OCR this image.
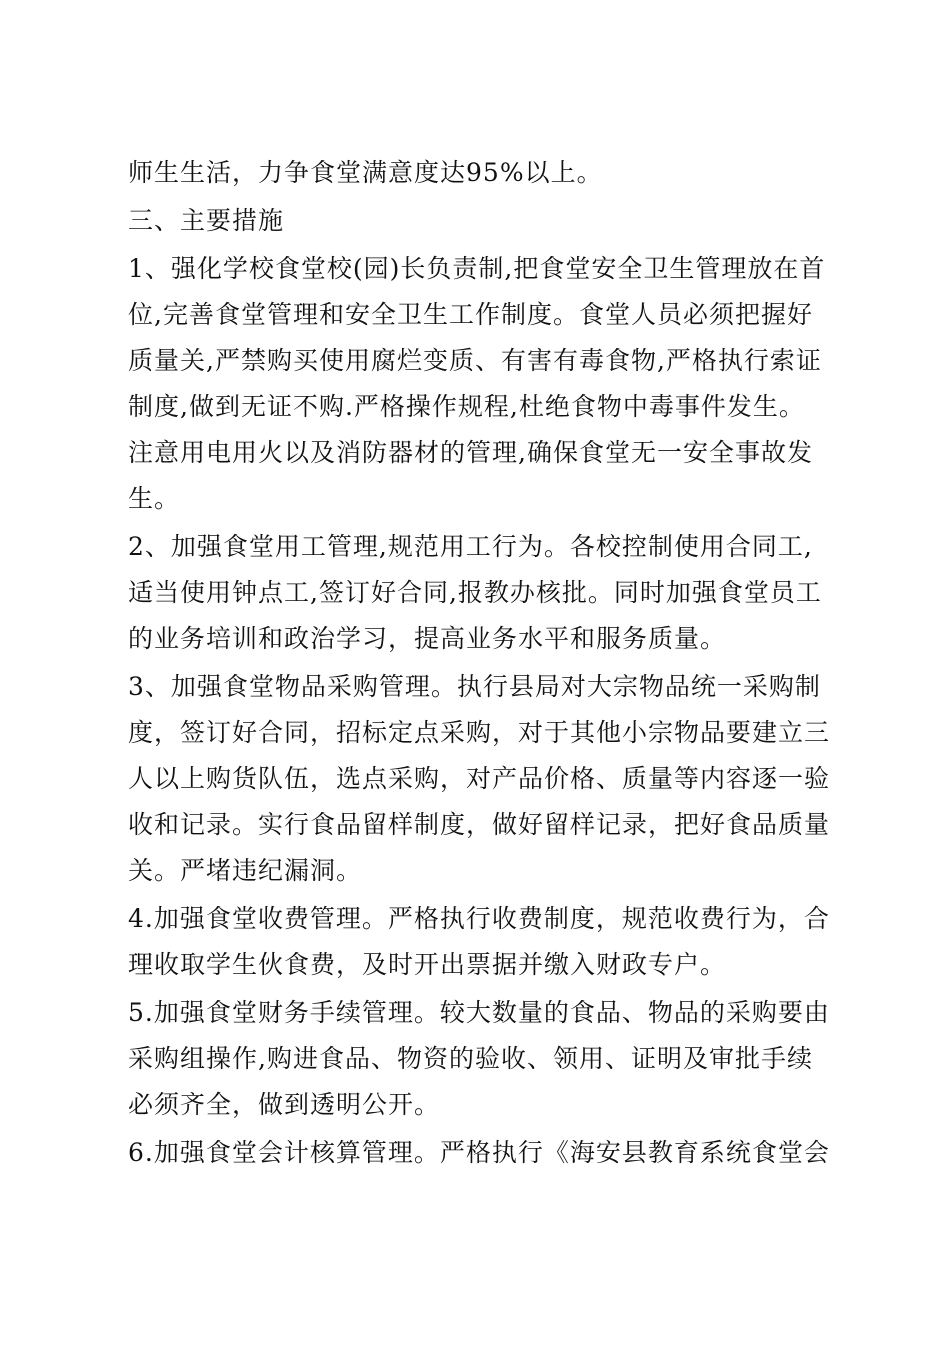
师生生活，力争食堂满意度达95%以上。
三、主要措施
1、强化学校食堂校(园)长负责制,把食堂安全卫生管理放在首
位,完善食堂管理和安全卫生工作制度。食堂人员必须把握好
质量关,严禁购买使用腐烂变质、有害有毒食物,严格执行索证
制度,做到无证不购.严格操作规程,杜绝食物中毒事件发生。
注意用电用火以及消防器材的管理,确保食堂无一安全事故发
生。
2、加强食堂用工管理,规范用工行为。各校控制使用合同工,
适当使用钟点工,签订好合同,报教办核批。同时加强食堂员工
的业务培训和政治学习，提高业务水平和服务质量。
3、加强食堂物品采购管理。执行县局对大宗物品统一采购制
度，签订好合同，招标定点采购，对于其他小宗物品要建立三
人以上购货队伍，选点采购，对产品价格、质量等内容逐一验
收和记录。实行食品留样制度，做好留样记录，把好食品质量
关。严堵违纪漏洞。
4.加强食堂收费管理。严格执行收费制度，规范收费行为，合
理收取学生伙食费，及时开出票据并缴入财政专户。
5.加强食堂财务手续管理。较大数量的食品、物品的采购要由
采购组操作,购进食品、物资的验收、领用、证明及审批手续
必须齐全，做到透明公开。
6.加强食堂会计核算管理。严格执行《海安县教育系统食堂会
